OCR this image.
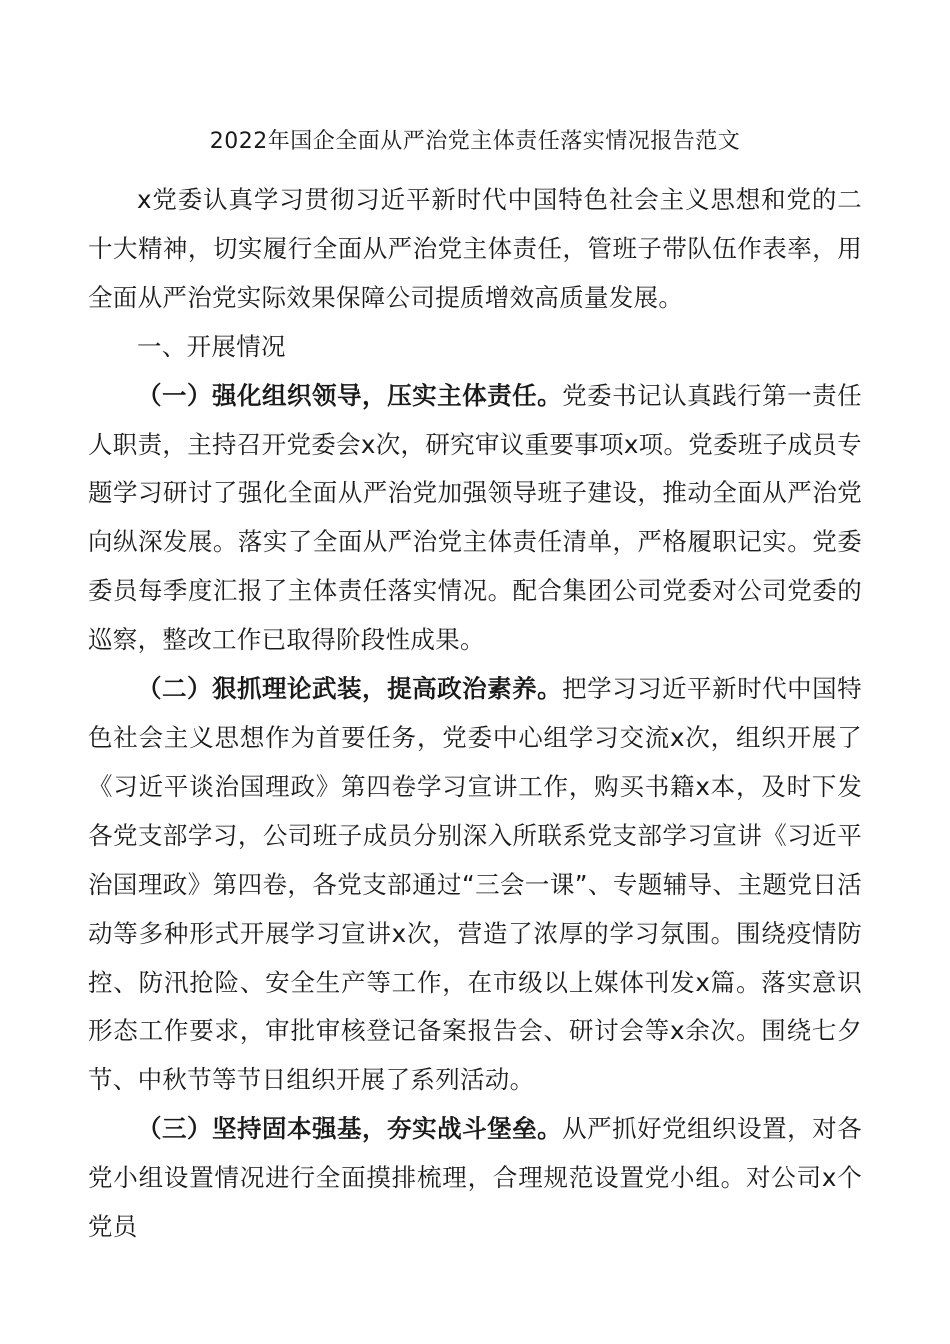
2022年国企全面从严治党主体责任落实情况报告范文

x党委认真学习贯彻习近平新时代中国特色社会主义思想和党的二十大精神，切实履行全面从严治党主体责任，管班子带队伍作表率，用全面从严治党实际效果保障公司提质增效高质量发展。

一、开展情况

（一）强化组织领导，压实主体责任。党委书记认真践行第一责任人职责，主持召开党委会x次，研究审议重要事项x项。党委班子成员专题学习研讨了强化全面从严治党加强领导班子建设，推动全面从严治党向纵深发展。落实了全面从严治党主体责任清单，严格履职记实。党委委员每季度汇报了主体责任落实情况。配合集团公司党委对公司党委的巡察，整改工作已取得阶段性成果。

（二）狠抓理论武装，提高政治素养。把学习习近平新时代中国特色社会主义思想作为首要任务，党委中心组学习交流x次，组织开展了《习近平谈治国理政》第四卷学习宣讲工作，购买书籍x本，及时下发各党支部学习，公司班子成员分别深入所联系党支部学习宣讲《习近平治国理政》第四卷，各党支部通过“三会一课”、专题辅导、主题党日活动等多种形式开展学习宣讲x次，营造了浓厚的学习氛围。围绕疫情防控、防汛抢险、安全生产等工作，在市级以上媒体刊发x篇。落实意识形态工作要求，审批审核登记备案报告会、研讨会等x余次。围绕七夕节、中秋节等节日组织开展了系列活动。

（三）坚持固本强基，夯实战斗堡垒。从严抓好党组织设置，对各党小组设置情况进行全面摸排梳理，合理规范设置党小组。对公司x个党员
